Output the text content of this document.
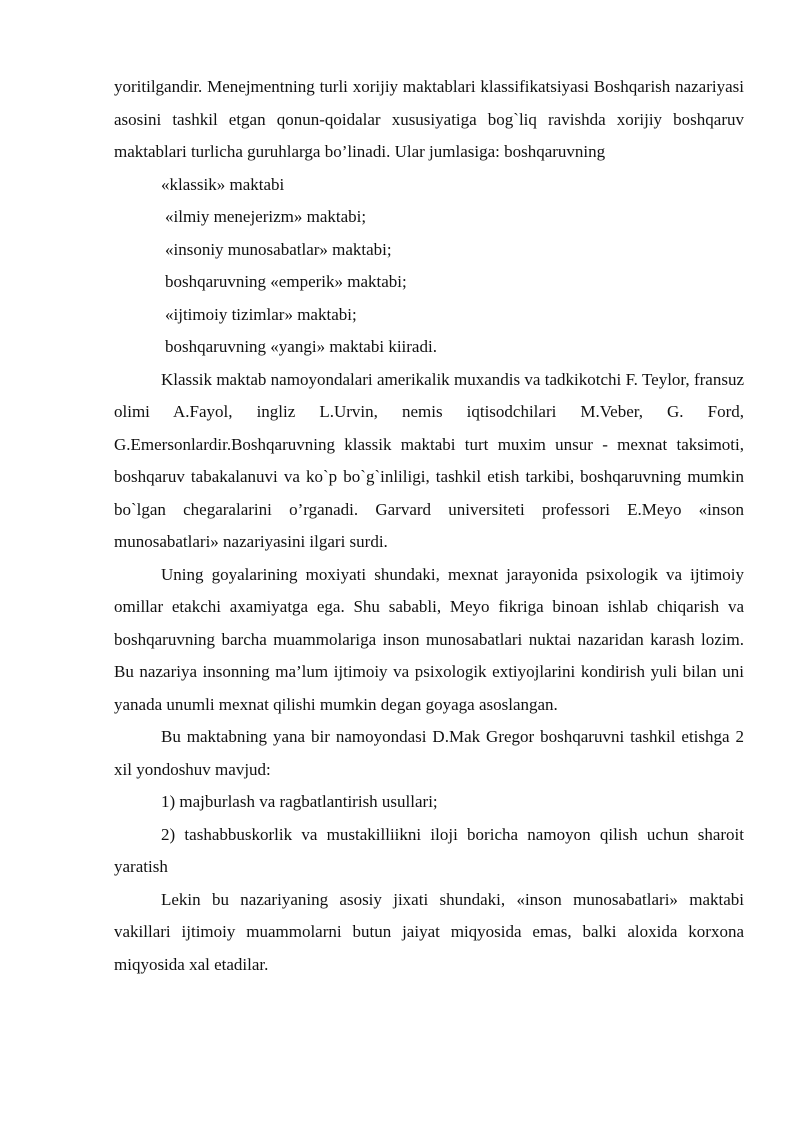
yoritilgandir. Menejmentning turli xorijiy maktablari klassifikatsiyasi Boshqarish nazariyasi asosini tashkil etgan qonun-qoidalar xususiyatiga bog`liq ravishda xorijiy boshqaruv maktablari turlicha guruhlarga bo’linadi. Ular jumlasiga: boshqaruvning

«klassik» maktabi

«ilmiy menejerizm» maktabi;

«insoniy munosabatlar» maktabi;

boshqaruvning «emperik» maktabi;

«ijtimoiy tizimlar» maktabi;

boshqaruvning «yangi» maktabi kiiradi.

Klassik maktab namoyondalari amerikalik muxandis va tadkikotchi F. Teylor, fransuz olimi A.Fayol, ingliz L.Urvin, nemis iqtisodchilari M.Veber, G. Ford, G.Emersonlardir.Boshqaruvning klassik maktabi turt muxim unsur - mexnat taksimoti, boshqaruv tabakalanuvi va ko`p bo`g`inliligi, tashkil etish tarkibi, boshqaruvning mumkin bo`lgan chegaralarini o’rganadi. Garvard universiteti professori E.Meyo «inson munosabatlari» nazariyasini ilgari surdi.

Uning goyalarining moxiyati shundaki, mexnat jarayonida psixologik va ijtimoiy omillar etakchi axamiyatga ega. Shu sababli, Meyo fikriga binoan ishlab chiqarish va boshqaruvning barcha muammolariga inson munosabatlari nuktai nazaridan karash lozim. Bu nazariya insonning ma’lum ijtimoiy va psixologik extiyojlarini kondirish yuli bilan uni yanada unumli mexnat qilishi mumkin degan goyaga asoslangan.

Bu maktabning yana bir namoyondasi D.Mak Gregor boshqaruvni tashkil etishga 2 xil yondoshuv mavjud:

1) majburlash va ragbatlantirish usullari;

2) tashabbuskorlik va mustakilliikni iloji boricha namoyon qilish uchun sharoit yaratish

Lekin bu nazariyaning asosiy jixati shundaki, «inson munosabatlari» maktabi vakillari ijtimoiy muammolarni butun jaiyat miqyosida emas, balki aloxida korxona miqyosida xal etadilar.
